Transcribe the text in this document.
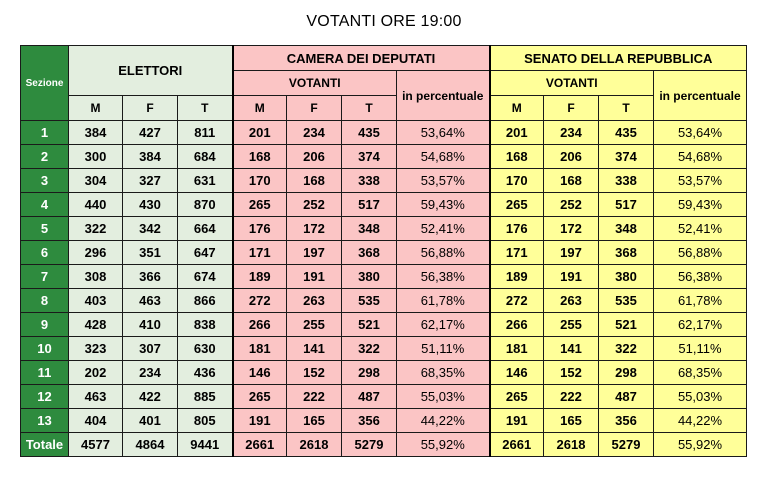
VOTANTI ORE 19:00
Sezione	ELETTORI			CAMERA DEI DEPUTATI				SENATO DELLA REPUBBLICA			
				VOTANTI			in percentuale	VOTANTI			in percentuale
	M	F	T	M	F	T		M	F	T	
1	384	427	811	201	234	435	53,64%	201	234	435	53,64%
2	300	384	684	168	206	374	54,68%	168	206	374	54,68%
3	304	327	631	170	168	338	53,57%	170	168	338	53,57%
4	440	430	870	265	252	517	59,43%	265	252	517	59,43%
5	322	342	664	176	172	348	52,41%	176	172	348	52,41%
6	296	351	647	171	197	368	56,88%	171	197	368	56,88%
7	308	366	674	189	191	380	56,38%	189	191	380	56,38%
8	403	463	866	272	263	535	61,78%	272	263	535	61,78%
9	428	410	838	266	255	521	62,17%	266	255	521	62,17%
10	323	307	630	181	141	322	51,11%	181	141	322	51,11%
11	202	234	436	146	152	298	68,35%	146	152	298	68,35%
12	463	422	885	265	222	487	55,03%	265	222	487	55,03%
13	404	401	805	191	165	356	44,22%	191	165	356	44,22%
Totale	4577	4864	9441	2661	2618	5279	55,92%	2661	2618	5279	55,92%
